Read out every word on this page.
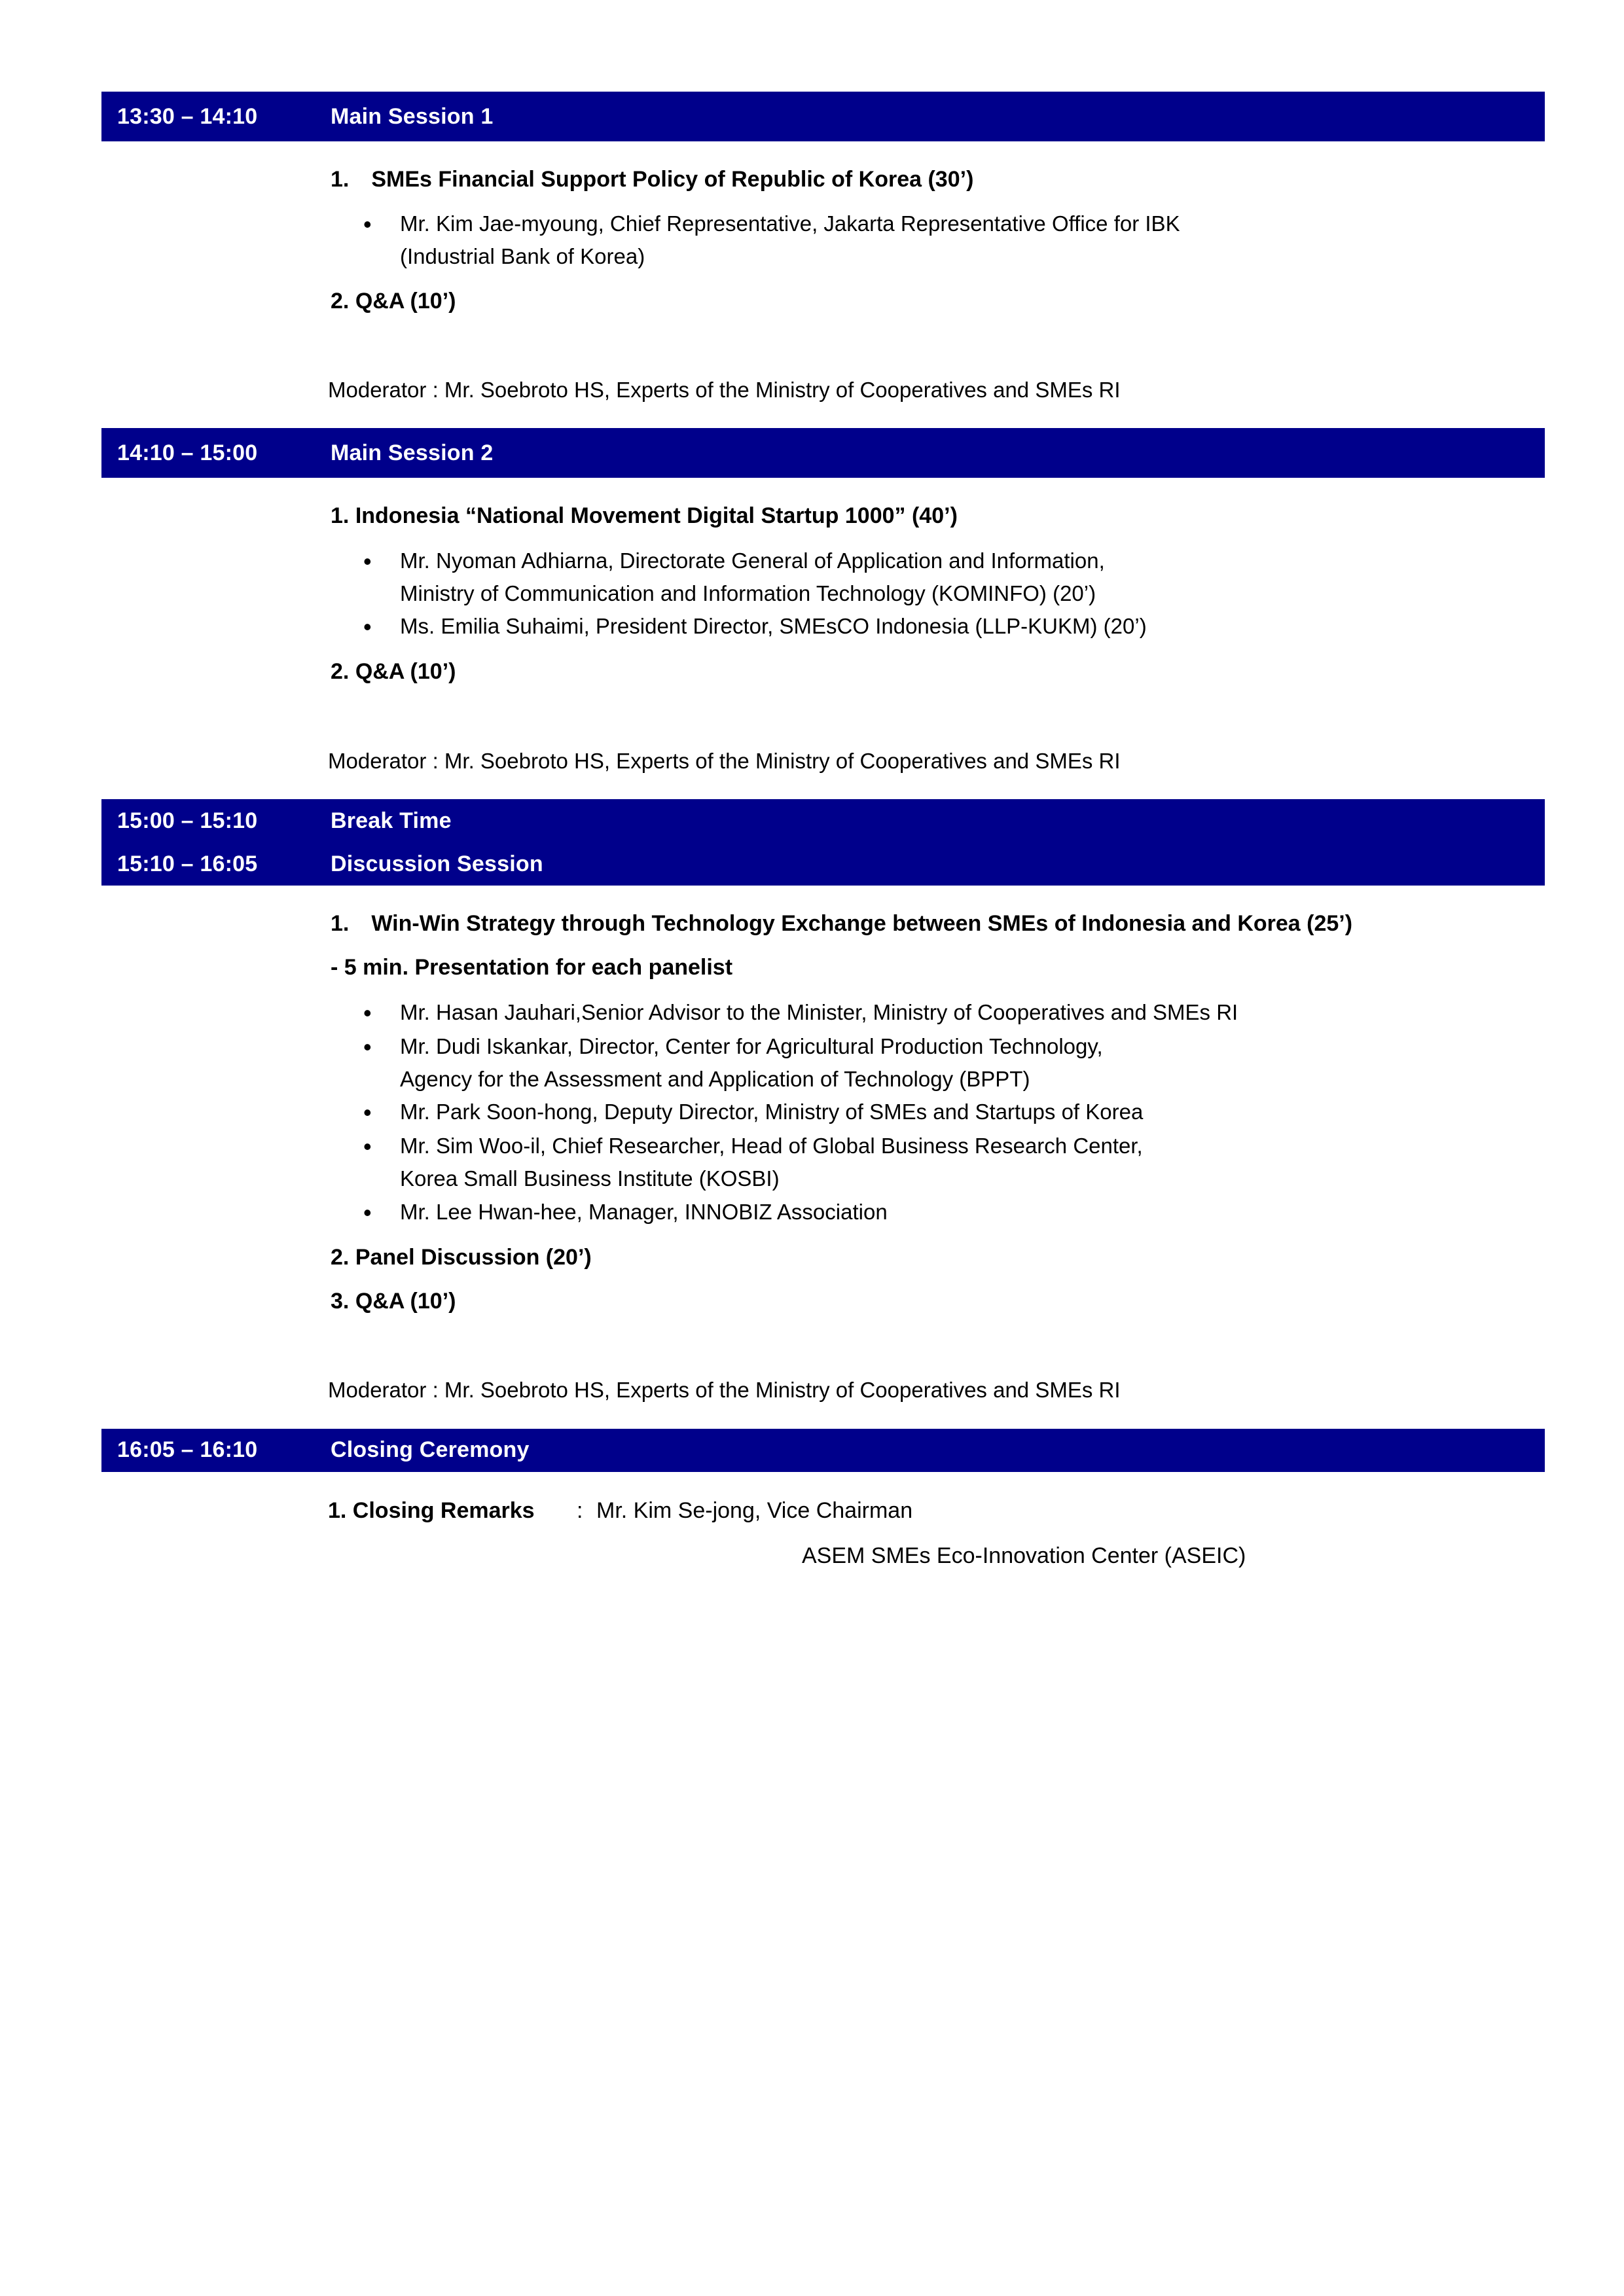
13:30 – 14:10	Main Session 1
1. SMEs Financial Support Policy of Republic of Korea (30’)
•	Mr. Kim Jae-myoung, Chief Representative, Jakarta Representative Office for IBK
(Industrial Bank of Korea)
2. Q&A (10’)
Moderator : Mr. Soebroto HS, Experts of the Ministry of Cooperatives and SMEs RI
14:10 – 15:00	Main Session 2
1. Indonesia “National Movement Digital Startup 1000” (40’)
•	Mr. Nyoman Adhiarna, Directorate General of Application and Information,
Ministry of Communication and Information Technology (KOMINFO) (20’)
•	Ms. Emilia Suhaimi, President Director, SMEsCO Indonesia (LLP-KUKM) (20’)
2. Q&A (10’)
Moderator : Mr. Soebroto HS, Experts of the Ministry of Cooperatives and SMEs RI
15:00 – 15:10	Break Time
15:10 – 16:05	Discussion Session
1. Win-Win Strategy through Technology Exchange between SMEs of Indonesia and Korea (25’)
- 5 min. Presentation for each panelist
•	Mr. Hasan Jauhari,Senior Advisor to the Minister, Ministry of Cooperatives and SMEs RI
•	Mr. Dudi Iskankar, Director, Center for Agricultural Production Technology,
Agency for the Assessment and Application of Technology (BPPT)
•	Mr. Park Soon-hong, Deputy Director, Ministry of SMEs and Startups of Korea
•	Mr. Sim Woo-il, Chief Researcher, Head of Global Business Research Center,
Korea Small Business Institute (KOSBI)
•	Mr. Lee Hwan-hee, Manager, INNOBIZ Association
2. Panel Discussion (20’)
3. Q&A (10’)
Moderator : Mr. Soebroto HS, Experts of the Ministry of Cooperatives and SMEs RI
16:05 – 16:10	Closing Ceremony
1. Closing Remarks	: Mr. Kim Se-jong, Vice Chairman
ASEM SMEs Eco-Innovation Center (ASEIC)
